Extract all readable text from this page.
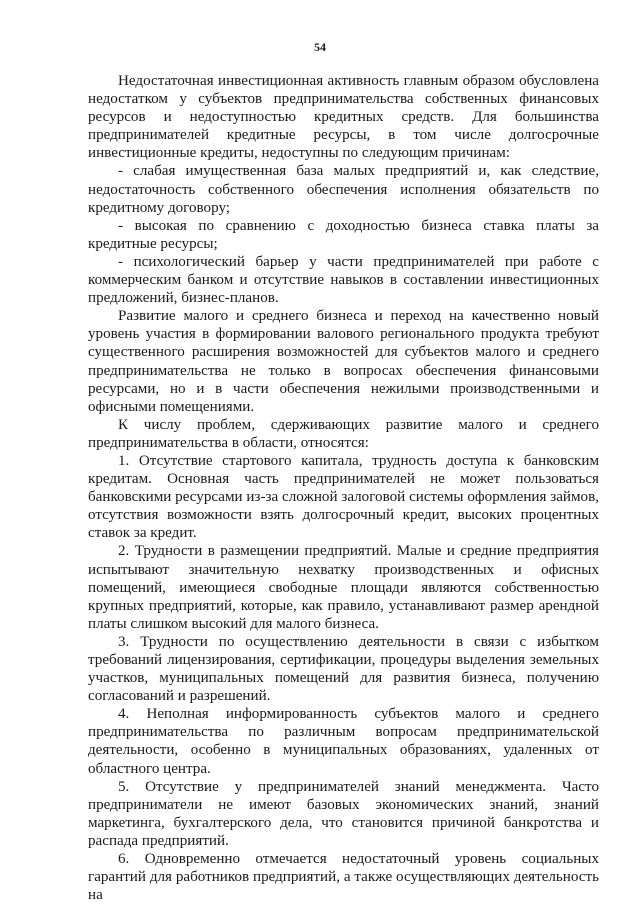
54

Недостаточная инвестиционная активность главным образом обусловлена недостатком у субъектов предпринимательства собственных финансовых ресурсов и недоступностью кредитных средств. Для большинства предпринимателей кредитные ресурсы, в том числе долгосрочные инвестиционные кредиты, недоступны по следующим причинам:

- слабая имущественная база малых предприятий и, как следствие, недостаточность собственного обеспечения исполнения обязательств по кредитному договору;

- высокая по сравнению с доходностью бизнеса ставка платы за кредитные ресурсы;

- психологический барьер у части предпринимателей при работе с коммерческим банком и отсутствие навыков в составлении инвестиционных предложений, бизнес-планов.

Развитие малого и среднего бизнеса и переход на качественно новый уровень участия в формировании валового регионального продукта требуют существенного расширения возможностей для субъектов малого и среднего предпринимательства не только в вопросах обеспечения финансовыми ресурсами, но и в части обеспечения нежилыми производственными и офисными помещениями.

К числу проблем, сдерживающих развитие малого и среднего предпринимательства в области, относятся:

1. Отсутствие стартового капитала, трудность доступа к банковским кредитам. Основная часть предпринимателей не может пользоваться банковскими ресурсами из-за сложной залоговой системы оформления займов, отсутствия возможности взять долгосрочный кредит, высоких процентных ставок за кредит.

2. Трудности в размещении предприятий. Малые и средние предприятия испытывают значительную нехватку производственных и офисных помещений, имеющиеся свободные площади являются собственностью крупных предприятий, которые, как правило, устанавливают размер арендной платы слишком высокий для малого бизнеса.

3. Трудности по осуществлению деятельности в связи с избытком требований лицензирования, сертификации, процедуры выделения земельных участков, муниципальных помещений для развития бизнеса, получению согласований и разрешений.

4. Неполная информированность субъектов малого и среднего предпринимательства по различным вопросам предпринимательской деятельности, особенно в муниципальных образованиях, удаленных от областного центра.

5. Отсутствие у предпринимателей знаний менеджмента. Часто предприниматели не имеют базовых экономических знаний, знаний маркетинга, бухгалтерского дела, что становится причиной банкротства и распада предприятий.

6. Одновременно отмечается недостаточный уровень социальных гарантий для работников предприятий, а также осуществляющих деятельность на
